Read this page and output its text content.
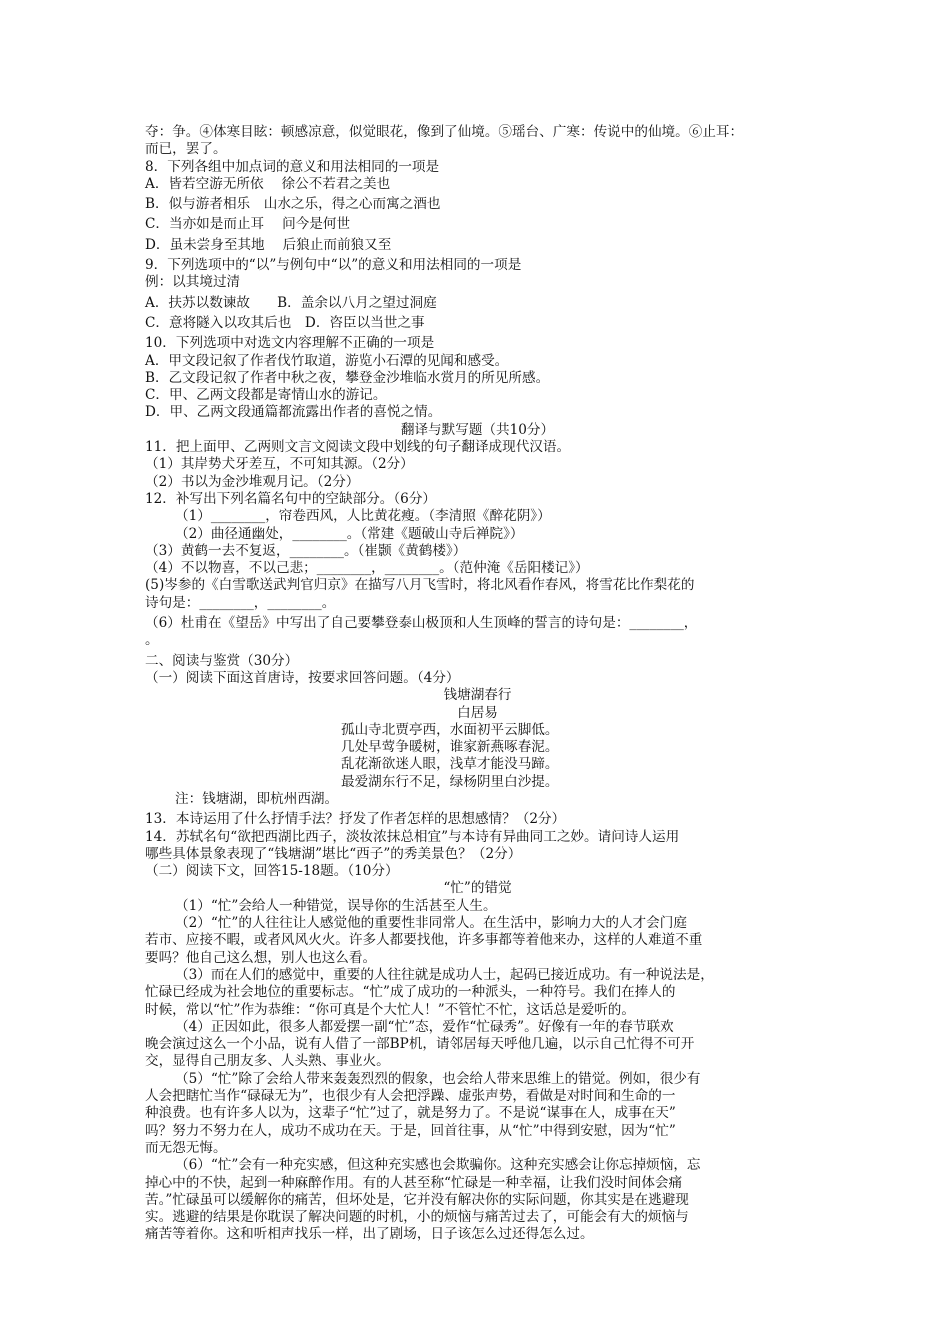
夺：争。④体寒目眩：顿感凉意，似觉眼花，像到了仙境。⑤瑶台、广寒：传说中的仙境。⑥止耳：

而已，罢了。

8．下列各组中加点词的意义和用法相同的一项是

A．皆若空游无所依　 徐公不若君之美也

B．似与游者相乐　山水之乐，得之心而寓之酒也

C．当亦如是而止耳　 问今是何世

D．虽未尝身至其地　 后狼止而前狼又至

9．下列选项中的“以”与例句中“以”的意义和用法相同的一项是

例：以其境过清

A．扶苏以数谏故　　B．盖余以八月之望过洞庭

C．意将隧入以攻其后也　D．咨臣以当世之事

10．下列选项中对选文内容理解不正确的一项是

A．甲文段记叙了作者伐竹取道，游览小石潭的见闻和感受。

B．乙文段记叙了作者中秋之夜，攀登金沙堆临水赏月的所见所感。

C．甲、乙两文段都是寄情山水的游记。

D．甲、乙两文段通篇都流露出作者的喜悦之情。

翻译与默写题（共10分）

11．把上面甲、乙两则文言文阅读文段中划线的句子翻译成现代汉语。

（1）其岸势犬牙差互，不可知其源。（2分）

（2）书以为金沙堆观月记。（2分）

12．补写出下列名篇名句中的空缺部分。（6分）

（1）________，帘卷西风，人比黄花瘦。（李清照《醉花阴》）

（2）曲径通幽处，________。（常建《题破山寺后禅院》）

（3）黄鹤一去不复返，________。（崔颢《黄鹤楼》）

（4）不以物喜，不以己悲；________，________。（范仲淹《岳阳楼记》）

(5)岑参的《白雪歌送武判官归京》在描写八月飞雪时，将北风看作春风，将雪花比作梨花的

诗句是：________，________。

（6）杜甫在《望岳》中写出了自己要攀登泰山极顶和人生顶峰的誓言的诗句是：________，

。

二、阅读与鉴赏（30分）

（一）阅读下面这首唐诗，按要求回答问题。（4分）

钱塘湖春行

白居易

孤山寺北贾亭西，水面初平云脚低。

几处早莺争暖树，谁家新燕啄春泥。

乱花渐欲迷人眼，浅草才能没马蹄。

最爱湖东行不足，绿杨阴里白沙提。

注：钱塘湖，即杭州西湖。

13．本诗运用了什么抒情手法？抒发了作者怎样的思想感情？（2分）

14．苏轼名句“欲把西湖比西子，淡妆浓抹总相宜”与本诗有异曲同工之妙。请问诗人运用

哪些具体景象表现了“钱塘湖”堪比“西子”的秀美景色？（2分）

（二）阅读下文，回答15-18题。（10分）

“忙”的错觉

（1）“忙”会给人一种错觉，误导你的生活甚至人生。

（2）“忙”的人往往让人感觉他的重要性非同常人。在生活中，影响力大的人才会门庭

若市、应接不暇，或者风风火火。许多人都要找他，许多事都等着他来办，这样的人难道不重

要吗？他自己这么想，别人也这么看。

（3）而在人们的感觉中，重要的人往往就是成功人士，起码已接近成功。有一种说法是，

忙碌已经成为社会地位的重要标志。“忙”成了成功的一种派头，一种符号。我们在捧人的

时候，常以“忙”作为恭维：“你可真是个大忙人！”不管忙不忙，这话总是爱听的。

（4）正因如此，很多人都爱摆一副“忙”态，爱作“忙碌秀”。好像有一年的春节联欢

晚会演过这么一个小品，说有人借了一部BP机，请邻居每天呼他几遍，以示自己忙得不可开

交，显得自己朋友多、人头熟、事业火。

（5）“忙”除了会给人带来轰轰烈烈的假象，也会给人带来思维上的错觉。例如，很少有

人会把瞎忙当作“碌碌无为”，也很少有人会把浮躁、虚张声势，看做是对时间和生命的一

种浪费。也有许多人以为，这辈子“忙”过了，就是努力了。不是说“谋事在人，成事在天”

吗？努力不努力在人，成功不成功在天。于是，回首往事，从“忙”中得到安慰，因为“忙”

而无怨无悔。

（6）“忙”会有一种充实感，但这种充实感也会欺骗你。这种充实感会让你忘掉烦恼，忘

掉心中的不快，起到一种麻醉作用。有的人甚至称“忙碌是一种幸福，让我们没时间体会痛

苦。”忙碌虽可以缓解你的痛苦，但坏处是，它并没有解决你的实际问题，你其实是在逃避现

实。逃避的结果是你耽误了解决问题的时机，小的烦恼与痛苦过去了，可能会有大的烦恼与

痛苦等着你。这和听相声找乐一样，出了剧场，日子该怎么过还得怎么过。
